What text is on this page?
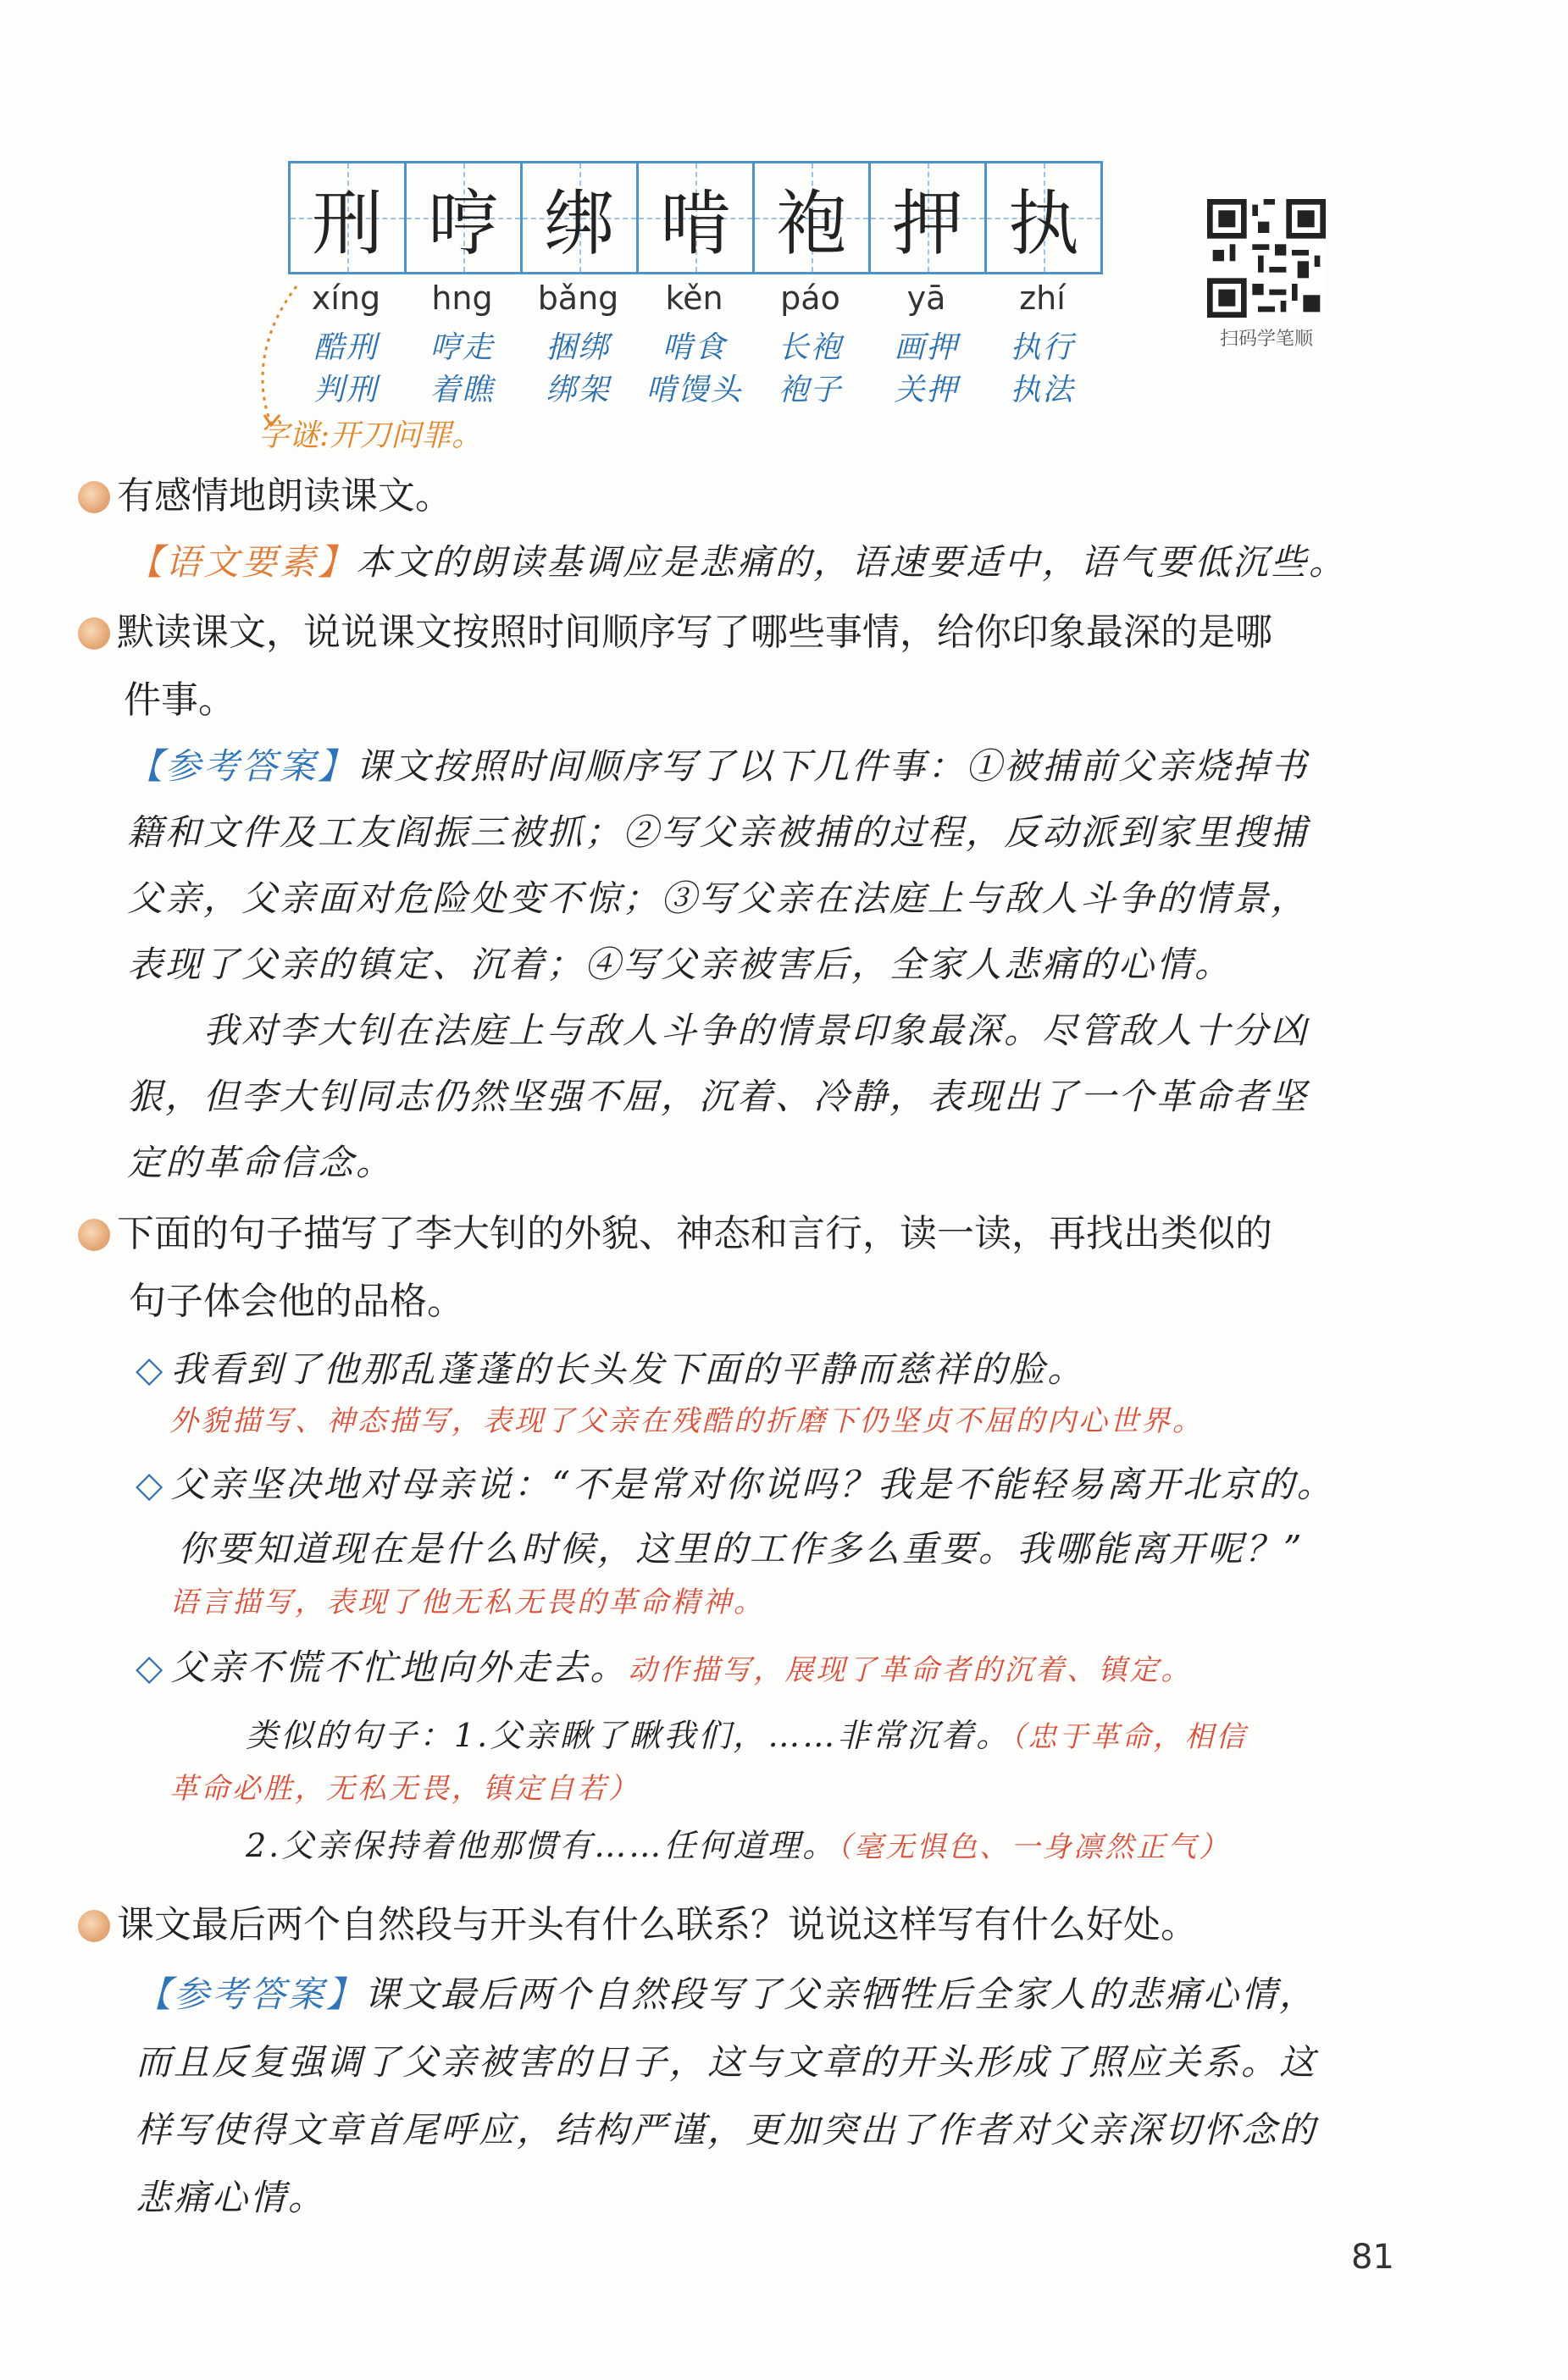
刑 哼 绑 啃 袍 押 执
xíng
酷刑
判刑
hng
哼走
着瞧
bǎng
捆绑
绑架
kěn
啃食
啃馒头
páo
长袍
袍子
yā
画押
关押
zhí
执行
执法
字谜:开刀问罪。
扫码学笔顺
有感情地朗读课文。
【语文要素】本文的朗读基调应是悲痛的，语速要适中，语气要低沉些。
默读课文，说说课文按照时间顺序写了哪些事情，给你印象最深的是哪
件事。
【参考答案】课文按照时间顺序写了以下几件事：①被捕前父亲烧掉书
籍和文件及工友阎振三被抓；②写父亲被捕的过程，反动派到家里搜捕
父亲，父亲面对危险处变不惊；③写父亲在法庭上与敌人斗争的情景，
表现了父亲的镇定、沉着；④写父亲被害后，全家人悲痛的心情。
我对李大钊在法庭上与敌人斗争的情景印象最深。尽管敌人十分凶
狠，但李大钊同志仍然坚强不屈，沉着、冷静，表现出了一个革命者坚
定的革命信念。
下面的句子描写了李大钊的外貌、神态和言行，读一读，再找出类似的
句子体会他的品格。
◇ 我看到了他那乱蓬蓬的长头发下面的平静而慈祥的脸。
外貌描写、神态描写，表现了父亲在残酷的折磨下仍坚贞不屈的内心世界。
◇ 父亲坚决地对母亲说：“不是常对你说吗？我是不能轻易离开北京的。
你要知道现在是什么时候，这里的工作多么重要。我哪能离开呢？”
语言描写，表现了他无私无畏的革命精神。
◇ 父亲不慌不忙地向外走去。动作描写，展现了革命者的沉着、镇定。
类似的句子：1.父亲瞅了瞅我们，……非常沉着。（忠于革命，相信
革命必胜，无私无畏，镇定自若）
2.父亲保持着他那惯有……任何道理。（毫无惧色、一身凛然正气）
课文最后两个自然段与开头有什么联系？说说这样写有什么好处。
【参考答案】课文最后两个自然段写了父亲牺牲后全家人的悲痛心情，
而且反复强调了父亲被害的日子，这与文章的开头形成了照应关系。这
样写使得文章首尾呼应，结构严谨，更加突出了作者对父亲深切怀念的
悲痛心情。
81
